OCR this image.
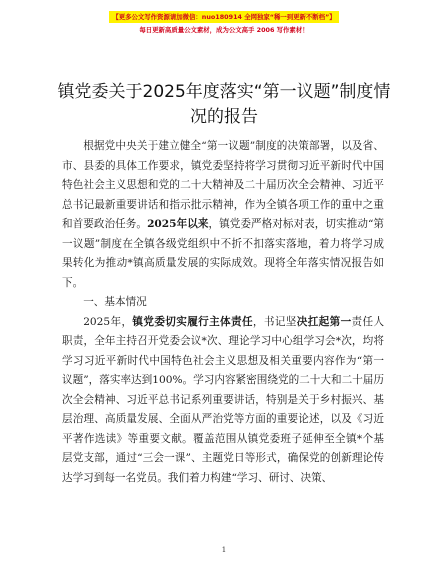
【更多公文写作资源请加微信：nuo180914 全网独家“稀一到更新不断档”】
每日更新高质量公文素材，成为公文高手 2006 写作素材！
镇党委关于2025年度落实“第一议题”制度情况的报告

根据党中央关于建立健全“第一议题”制度的决策部署，以及省、市、县委的具体工作要求，镇党委坚持将学习贯彻习近平新时代中国特色社会主义思想和党的二十大精神及二十届历次全会精神、习近平总书记最新重要讲话和指示批示精神，作为全镇各项工作的重中之重和首要政治任务。2025年以来，镇党委严格对标对表，切实推动“第一议题”制度在全镇各级党组织中不折不扣落实落地，着力将学习成果转化为推动*镇高质量发展的实际成效。现将全年落实情况报告如下。

一、基本情况

2025年，镇党委切实履行主体责任，书记坚决扛起第一责任人职责，全年主持召开党委会议*次、理论学习中心组学习会*次，均将学习习近平新时代中国特色社会主义思想及相关重要内容作为“第一议题”，落实率达到100%。学习内容紧密围绕党的二十大和二十届历次全会精神、习近平总书记系列重要讲话，特别是关于乡村振兴、基层治理、高质量发展、全面从严治党等方面的重要论述，以及《习近平著作选读》等重要文献。覆盖范围从镇党委班子延伸至全镇*个基层党支部，通过“三会一课”、主题党日等形式，确保党的创新理论传达学习到每一名党员。我们着力构建“学习、研讨、决策、

1
